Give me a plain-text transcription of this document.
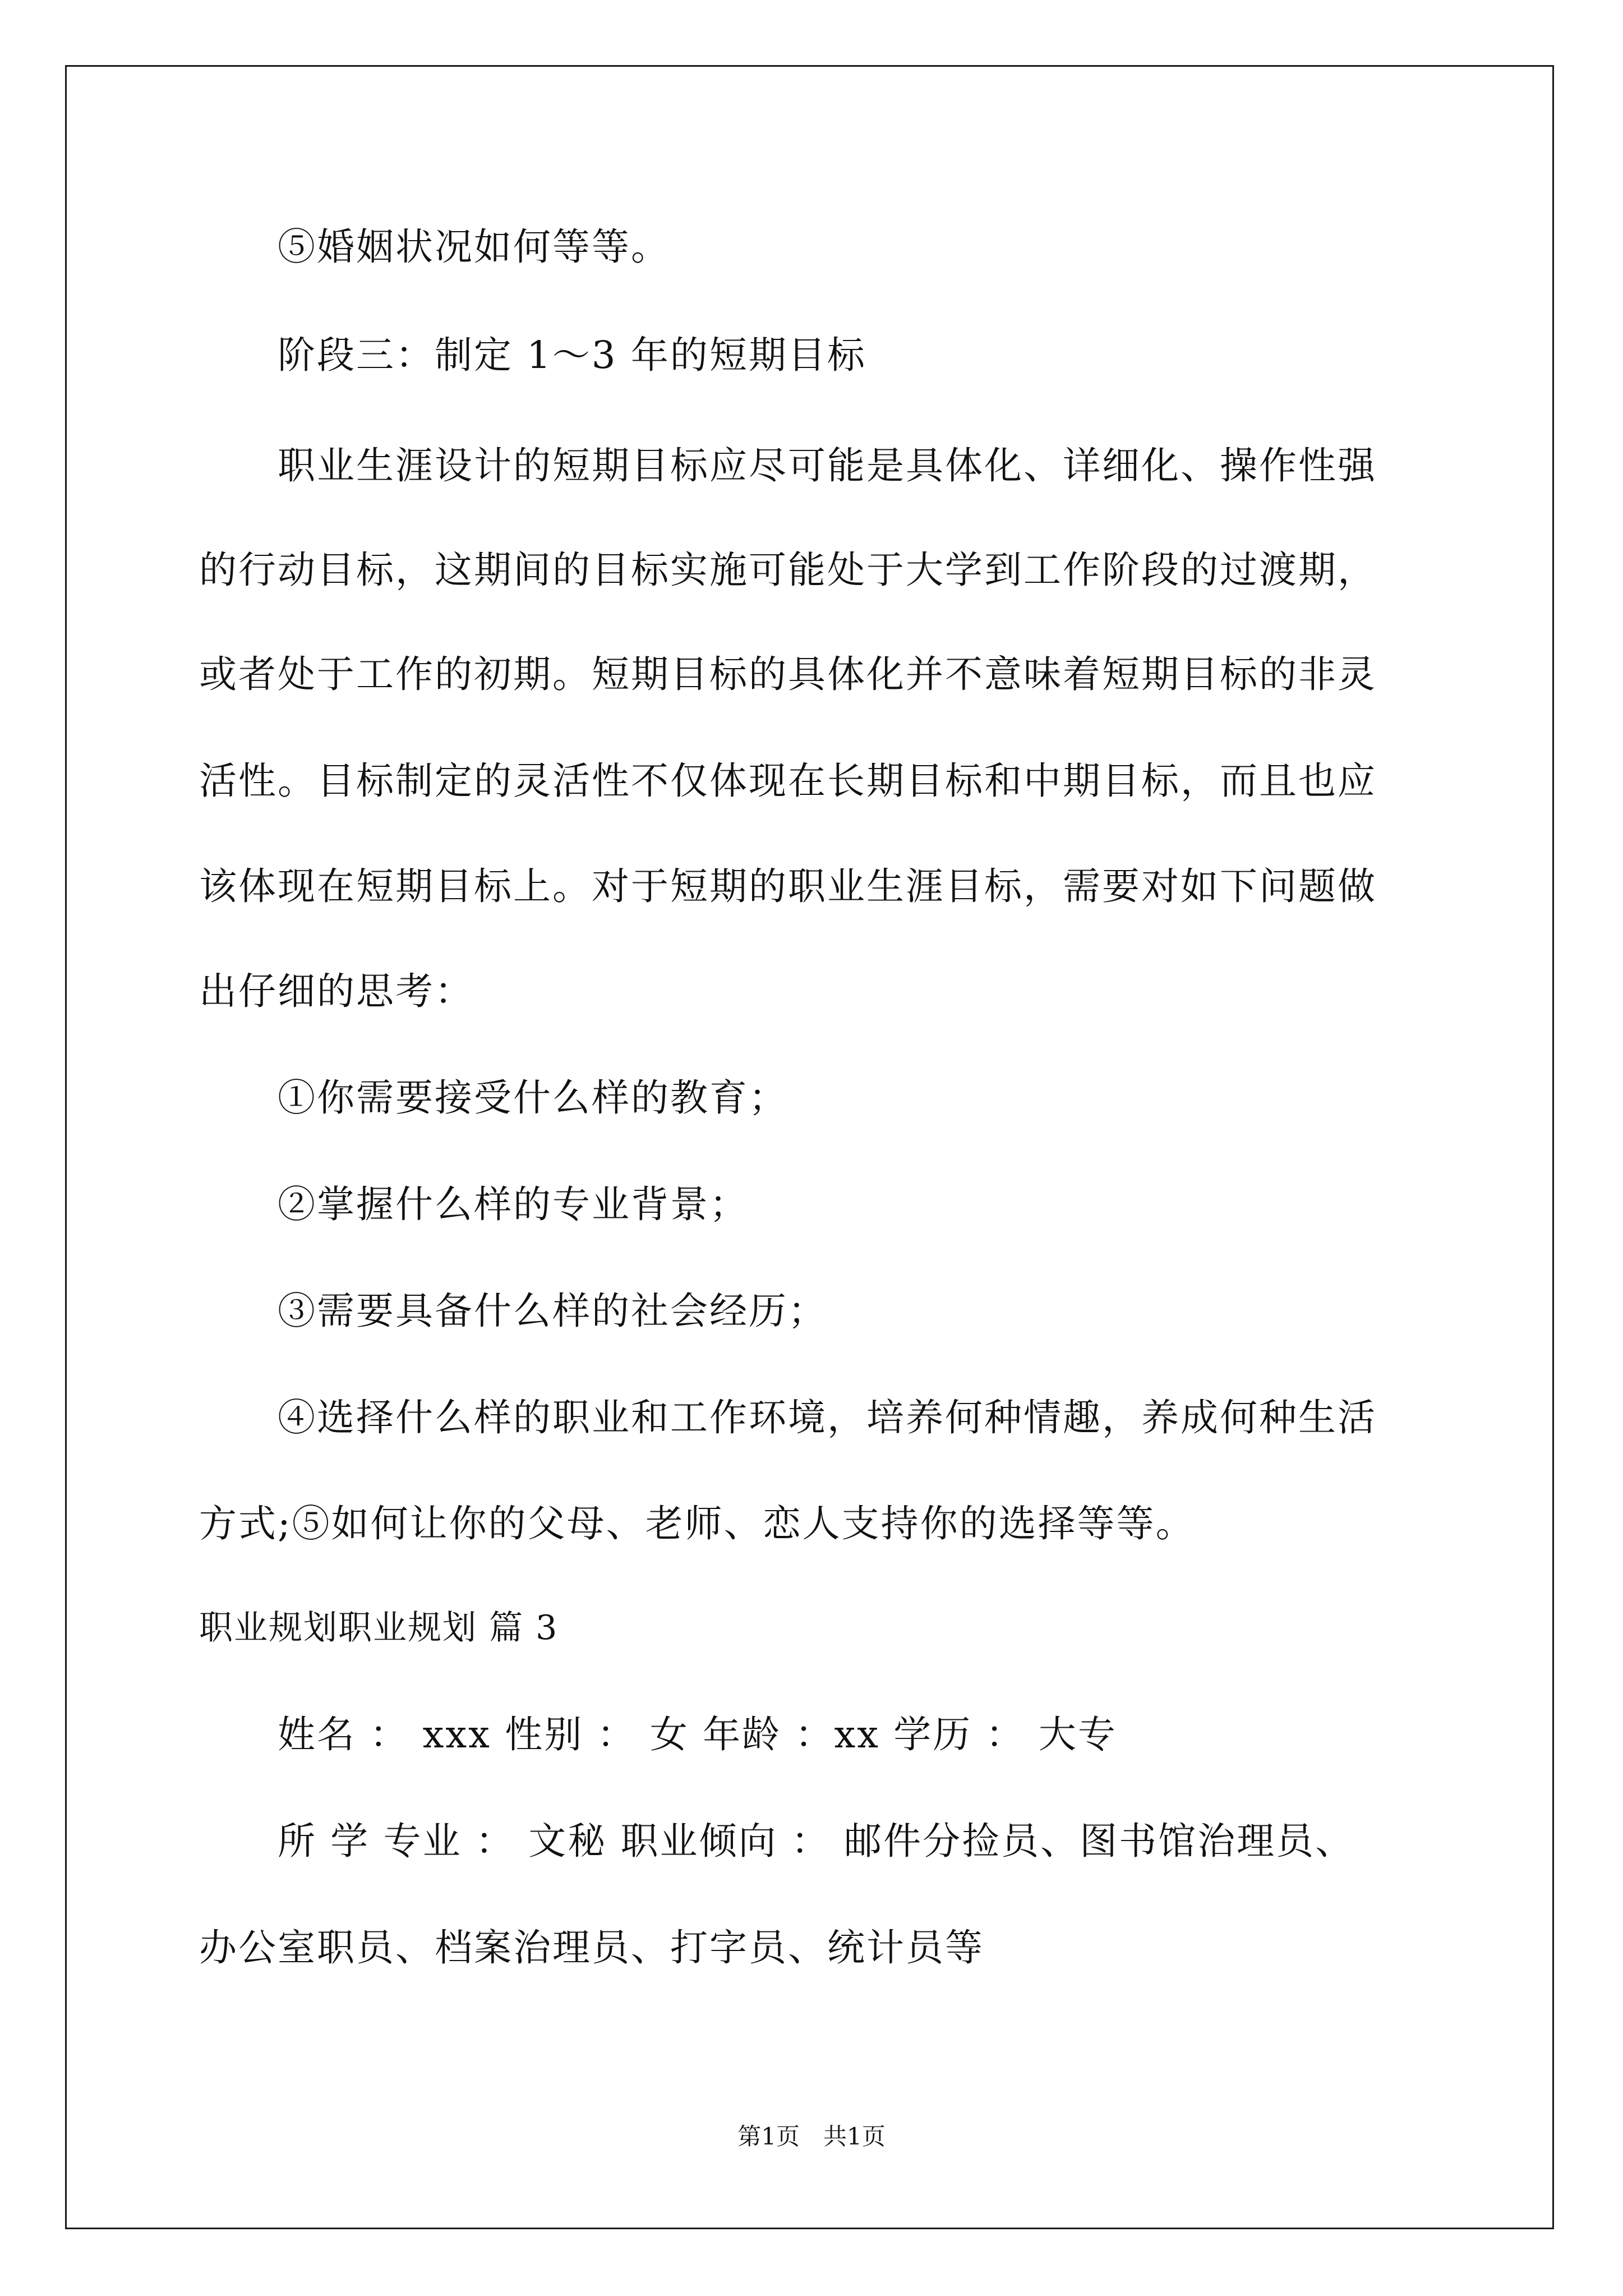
⑤婚姻状况如何等等。
阶段三：制定 1～3 年的短期目标
职业生涯设计的短期目标应尽可能是具体化、详细化、操作性强
的行动目标，这期间的目标实施可能处于大学到工作阶段的过渡期，
或者处于工作的初期。短期目标的具体化并不意味着短期目标的非灵
活性。目标制定的灵活性不仅体现在长期目标和中期目标，而且也应
该体现在短期目标上。对于短期的职业生涯目标，需要对如下问题做
出仔细的思考：
①你需要接受什么样的教育；
②掌握什么样的专业背景；
③需要具备什么样的社会经历；
④选择什么样的职业和工作环境，培养何种情趣，养成何种生活
方式;⑤如何让你的父母、老师、恋人支持你的选择等等。
职业规划职业规划 篇 3
姓名 ： xxx 性别 ： 女 年龄 ：xx 学历 ： 大专
所 学 专业 ： 文秘 职业倾向 ： 邮件分捡员、图书馆治理员、
办公室职员、档案治理员、打字员、统计员等
第1页　共1页
